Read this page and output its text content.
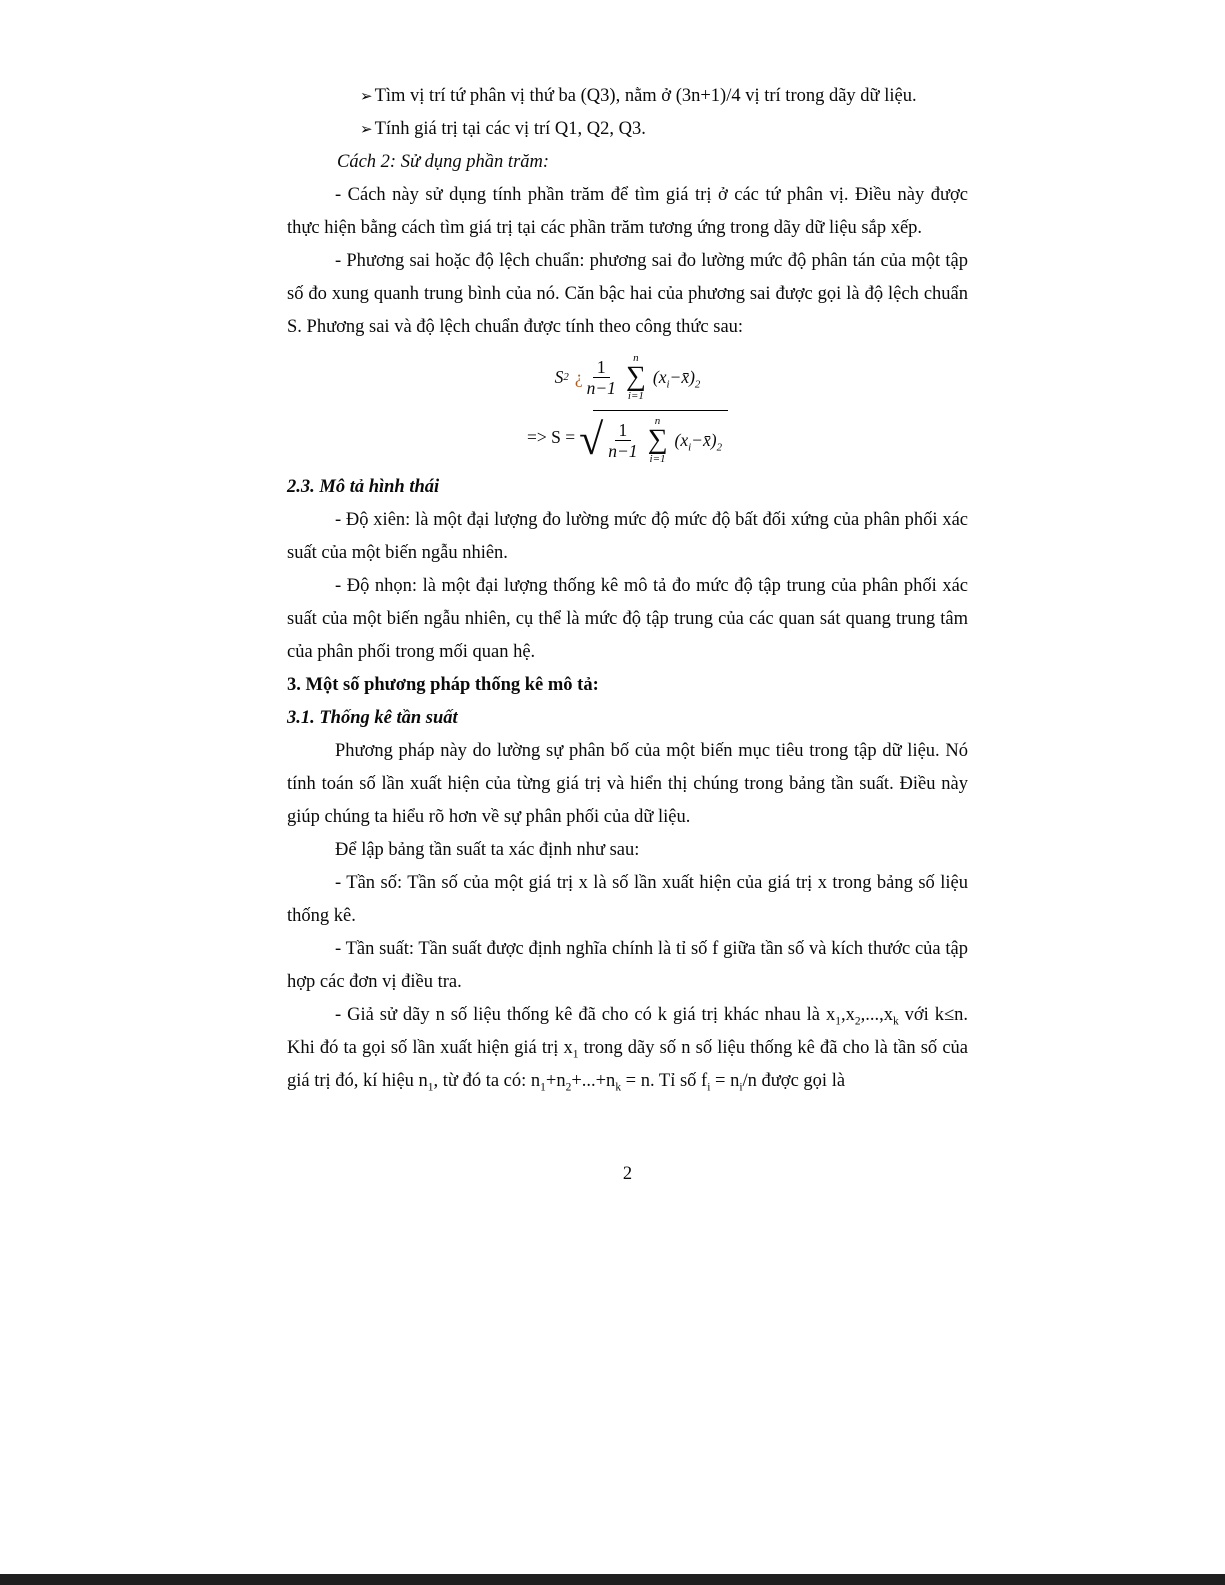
➢ Tìm vị trí tứ phân vị thứ ba (Q3), nằm ở (3n+1)/4 vị trí trong dãy dữ liệu.

➢ Tính giá trị tại các vị trí Q1, Q2, Q3.

Cách 2: Sử dụng phần trăm:

- Cách này sử dụng tính phần trăm để tìm giá trị ở các tứ phân vị. Điều này được thực hiện bằng cách tìm giá trị tại các phần trăm tương ứng trong dãy dữ liệu sắp xếp.

- Phương sai hoặc độ lệch chuẩn: phương sai đo lường mức độ phân tán của một tập số đo xung quanh trung bình của nó. Căn bậc hai của phương sai được gọi là độ lệch chuẩn S. Phương sai và độ lệch chuẩn được tính theo công thức sau:

S 2 ¿ $\frac{1}{n-1}$ n
∑
i=1
$(x_i-x̄)_2$
=> S = √ $\frac{1}{n-1}$ n
∑
i=1
$(x_i-x̄)_2$

2.3. Mô tả hình thái

- Độ xiên: là một đại lượng đo lường mức độ mức độ bất đối xứng của phân phối xác suất của một biến ngẫu nhiên.

- Độ nhọn: là một đại lượng thống kê mô tả đo mức độ tập trung của phân phối xác suất của một biến ngẫu nhiên, cụ thể là mức độ tập trung của các quan sát quang trung tâm của phân phối trong mối quan hệ.

3. Một số phương pháp thống kê mô tả:

3.1. Thống kê tần suất

Phương pháp này do lường sự phân bố của một biến mục tiêu trong tập dữ liệu. Nó tính toán số lần xuất hiện của từng giá trị và hiển thị chúng trong bảng tần suất. Điều này giúp chúng ta hiểu rõ hơn về sự phân phối của dữ liệu.

Để lập bảng tần suất ta xác định như sau:

- Tần số: Tần số của một giá trị x là số lần xuất hiện của giá trị x trong bảng số liệu thống kê.

- Tần suất: Tần suất được định nghĩa chính là tỉ số f giữa tần số và kích thước của tập hợp các đơn vị điều tra.

- Giả sử dãy n số liệu thống kê đã cho có k giá trị khác nhau là $x_1,x_2,...,x_k$ với k≤n. Khi đó ta gọi số lần xuất hiện giá trị $x_1$ trong dãy số n số liệu thống kê đã cho là tần số của giá trị đó, kí hiệu $n_1$, từ đó ta có: $n_1+n_2+...+n_k = n$. Tỉ số $f_i = n_i/n$ được gọi là

2
